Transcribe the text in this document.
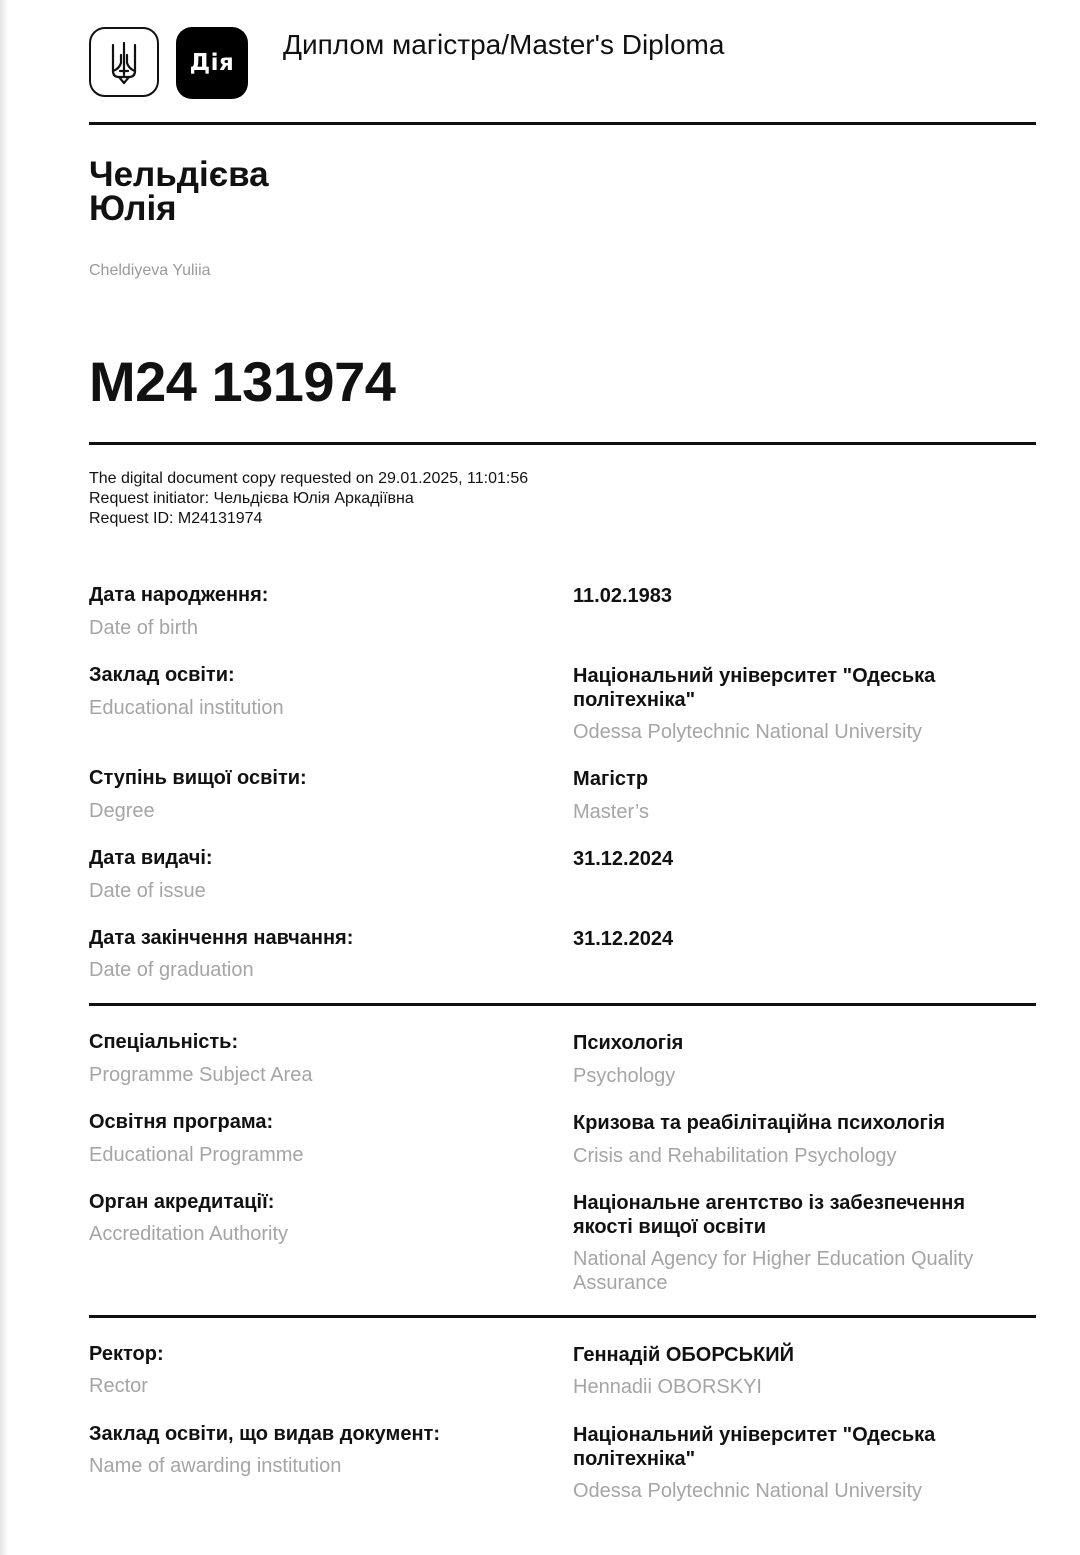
Дія
Диплом магістра/Master's Diploma
Чельдієва
Юлія
Cheldiyeva Yuliia
M24 131974
The digital document copy requested on 29.01.2025, 11:01:56
Request initiator: Чельдієва Юлія Аркадіївна
Request ID: M24131974
Дата народження:
Date of birth
11.02.1983
Заклад освіти:
Educational institution
Національний університет "Одеська політехніка"
Odessa Polytechnic National University
Ступінь вищої освіти:
Degree
Магістр
Master’s
Дата видачі:
Date of issue
31.12.2024
Дата закінчення навчання:
Date of graduation
31.12.2024
Спеціальність:
Programme Subject Area
Психологія
Psychology
Освітня програма:
Educational Programme
Кризова та реабілітаційна психологія
Crisis and Rehabilitation Psychology
Орган акредитації:
Accreditation Authority
Національне агентство із забезпечення якості вищої освіти
National Agency for Higher Education Quality Assurance
Ректор:
Rector
Геннадій ОБОРСЬКИЙ
Hennadii OBORSKYI
Заклад освіти, що видав документ:
Name of awarding institution
Національний університет "Одеська політехніка"
Odessa Polytechnic National University
